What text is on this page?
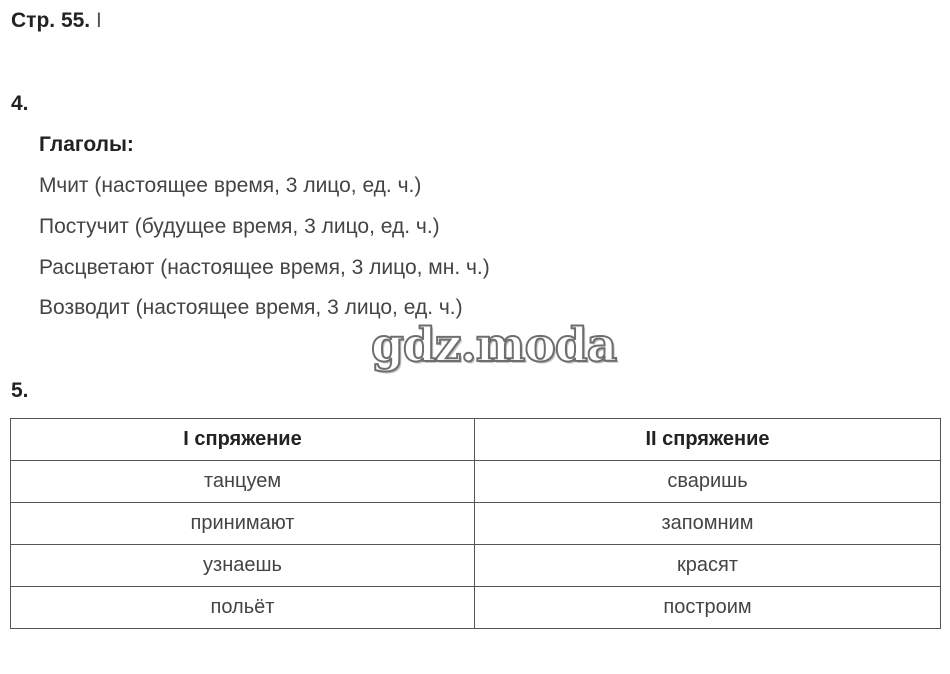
Стр. 55. I
4.
Глаголы:
Мчит (настоящее время, 3 лицо, ед. ч.)
Постучит (будущее время, 3 лицо, ед. ч.)
Расцветают (настоящее время, 3 лицо, мн. ч.)
Возводит (настоящее время, 3 лицо, ед. ч.)
gdz.moda
5.
I спряжение	II спряжение
танцуем	сваришь
принимают	запомним
узнаешь	красят
польёт	построим
